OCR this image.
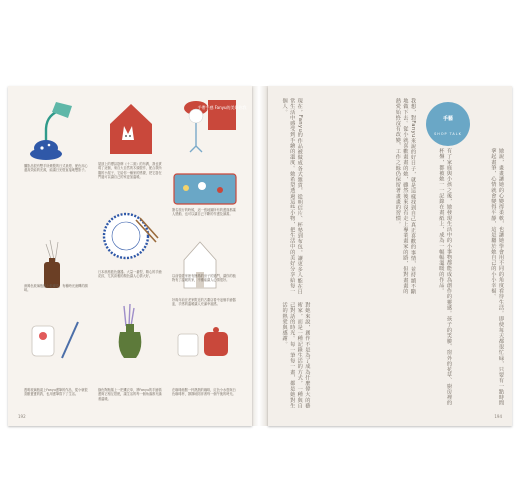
手帶手感 Fanyu的美好你我
攝影品很有雙手所燒製的日式桌燈，配色用心還高效能的光源，能讓日光燈直接地雙影子。
屋頂上的標誌掛牌《十二面》的布偶，我也實現了這個，來自大自然的木頭製作，配合我所擬的小屋子，它給你一種家的感覺，把它掛在門邊可以讓自己的家更加溫暖。
簽名旅行的時候，這一張地圖所有的畫面都讓人感動，也可以讓自己不斷的作畫及讀書。
日本風格藍色盤器。大量一番型，精心的手繪花紋，尤其高雅的顏色讓人心情大好。	以前曾經家裡有簡易的房子的過門，讓你的植物有了溫暖的家，不僅能讓人心情很好。
深褐色玻璃瓶配上乾燥花，有種時光流轉的韻味。
好幾年前在老家附近的古董店看中這個手繪器皿，手感的溫暖讓人充滿幸福感。
透明玻璃瓶裝上Fanyu畫筆的作品，從小就很喜歡畫畫的我，也用畫筆寫下了生活。
綠色陶瓶插上一把薰衣草，將Fanyu的手繪插畫與它相互搭配，讓生活的每一個角落都充滿著溫暖。
在咖啡館點一杯熱熱的咖啡，紅色小水壺與白色咖啡杯，靜靜地陪伴著每一個午後的時光。
192
手藝
SHOP TALK
我想，對Fanyu來說的好日子，就是這樣找到自己真正喜歡的事情，並持續不斷地做下去。從小就喜歡畫畫的她，雖然後來沒有走上專業畫家的路，但對畫畫的熱愛始終沒有改變，工作之餘仍保留著畫畫的習慣。	有了家庭與小孩之後，她發現生活中的小事物都能成為創作的靈感。孩子的笑臉、窗外的花草、廚房裡的杯盤，都被她一一記錄在畫紙上，成為一幅幅溫暖的作品。	她說，畫畫讓她的心變得柔軟，也讓她學會用不同的角度看待生活。即使每天都很忙碌，只要有一點時間拿起畫筆，心情就會變得平靜，這是屬於她自己的小小幸福。
現在，Fanyu的作品被做成各式雜貨，從明信片、杯墊到布包，讓更多人能在日常生活中感受到手繪的溫度。她希望透過這些小物，把生活中的美好分享給每一個人。
對她來說，創作不是為了成為什麼偉大的藝術家，而是一種記錄生活的方式，一種與自己對話的時光。每一筆每一畫，都是她對生活的熱愛與感謝。
194
